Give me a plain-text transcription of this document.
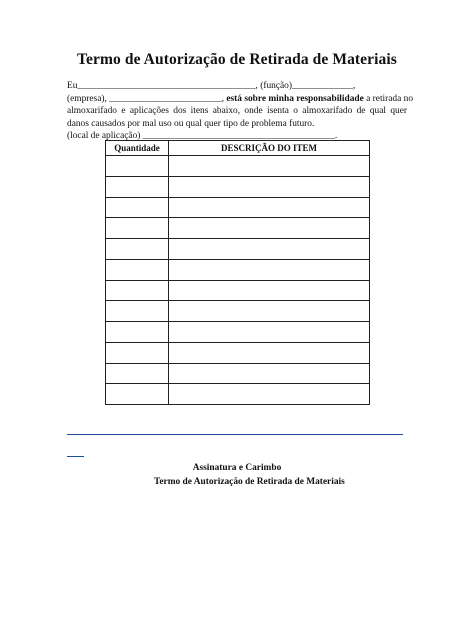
Termo de Autorização de Retirada de Materiais
Eu______________________________________, (função)_____________,
(empresa), ________________________, está sobre minha responsabilidade a retirada no
almoxarifado e aplicações dos itens abaixo, onde isenta o almoxarifado de qual quer
danos causados por mal uso ou qual quer tipo de problema futuro.
(local de aplicação) _________________________________________.
Quantidade	DESCRIÇÃO DO ITEM

Assinatura e Carimbo
Termo de Autorização de Retirada de Materiais
